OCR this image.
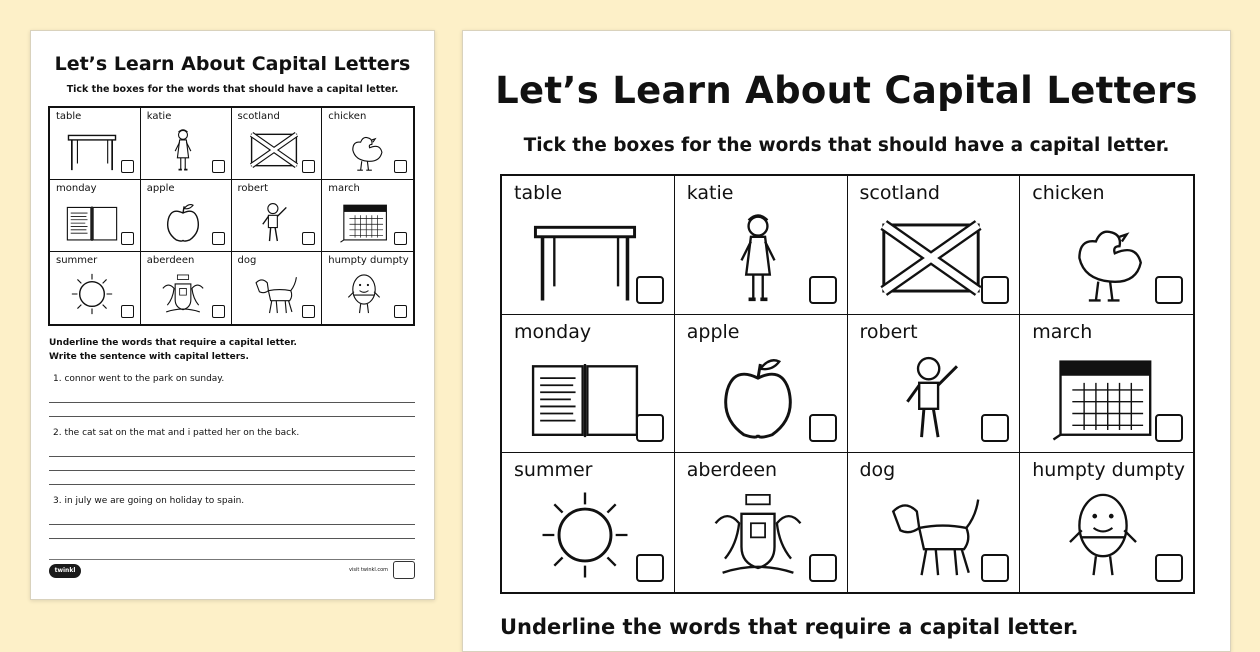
Let’s Learn About Capital Letters
Tick the boxes for the words that should have a capital letter.
table	katie	scotland	chicken
monday	apple	robert	march
summer	aberdeen	dog	humpty dumpty
Underline the words that require a capital letter.
Write the sentence with capital letters.
1. connor went to the park on sunday.
2. the cat sat on the mat and i patted her on the back.
3. in july we are going on holiday to spain.
twinkl	visit twinkl.com
Let’s Learn About Capital Letters
Tick the boxes for the words that should have a capital letter.
table	katie	scotland	chicken
monday	apple	robert	march
summer	aberdeen	dog	humpty dumpty
Underline the words that require a capital letter.
